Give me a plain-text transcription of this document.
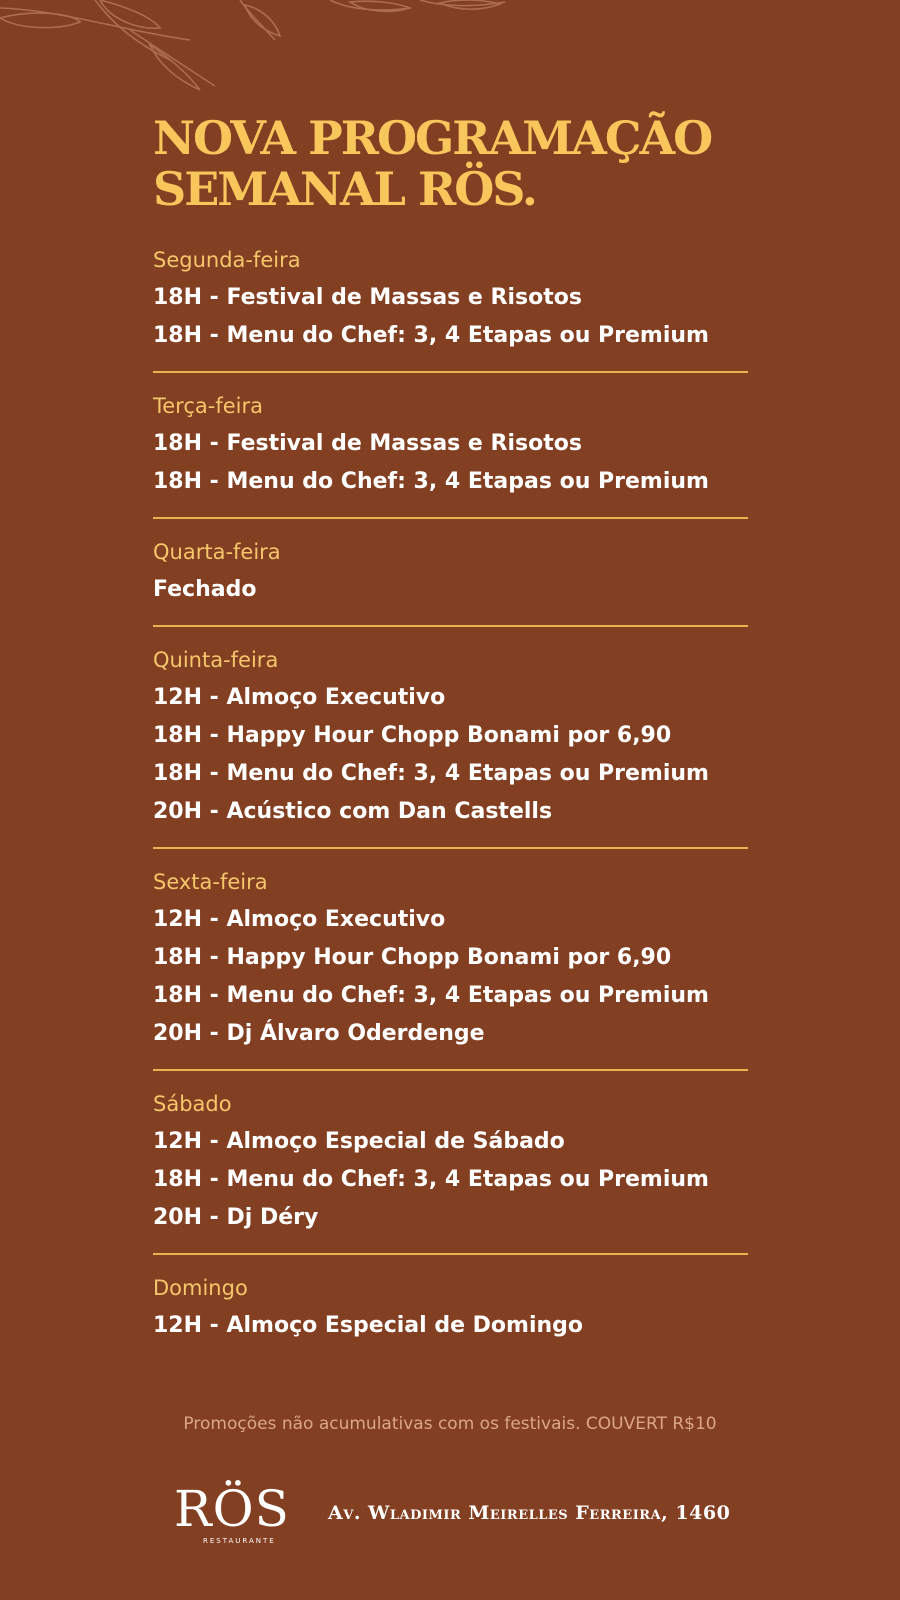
NOVA PROGRAMAÇÃO
SEMANAL RÖS.
Segunda-feira
18H - Festival de Massas e Risotos
18H - Menu do Chef: 3, 4 Etapas ou Premium
Terça-feira
18H - Festival de Massas e Risotos
18H - Menu do Chef: 3, 4 Etapas ou Premium
Quarta-feira
Fechado
Quinta-feira
12H - Almoço Executivo
18H - Happy Hour Chopp Bonami por 6,90
18H - Menu do Chef: 3, 4 Etapas ou Premium
20H - Acústico com Dan Castells
Sexta-feira
12H - Almoço Executivo
18H - Happy Hour Chopp Bonami por 6,90
18H - Menu do Chef: 3, 4 Etapas ou Premium
20H - Dj Álvaro Oderdenge
Sábado
12H - Almoço Especial de Sábado
18H - Menu do Chef: 3, 4 Etapas ou Premium
20H - Dj Déry
Domingo
12H - Almoço Especial de Domingo
Promoções não acumulativas com os festivais. COUVERT R$10
RÖS
RESTAURANTE
Av. Wladimir Meirelles Ferreira, 1460
